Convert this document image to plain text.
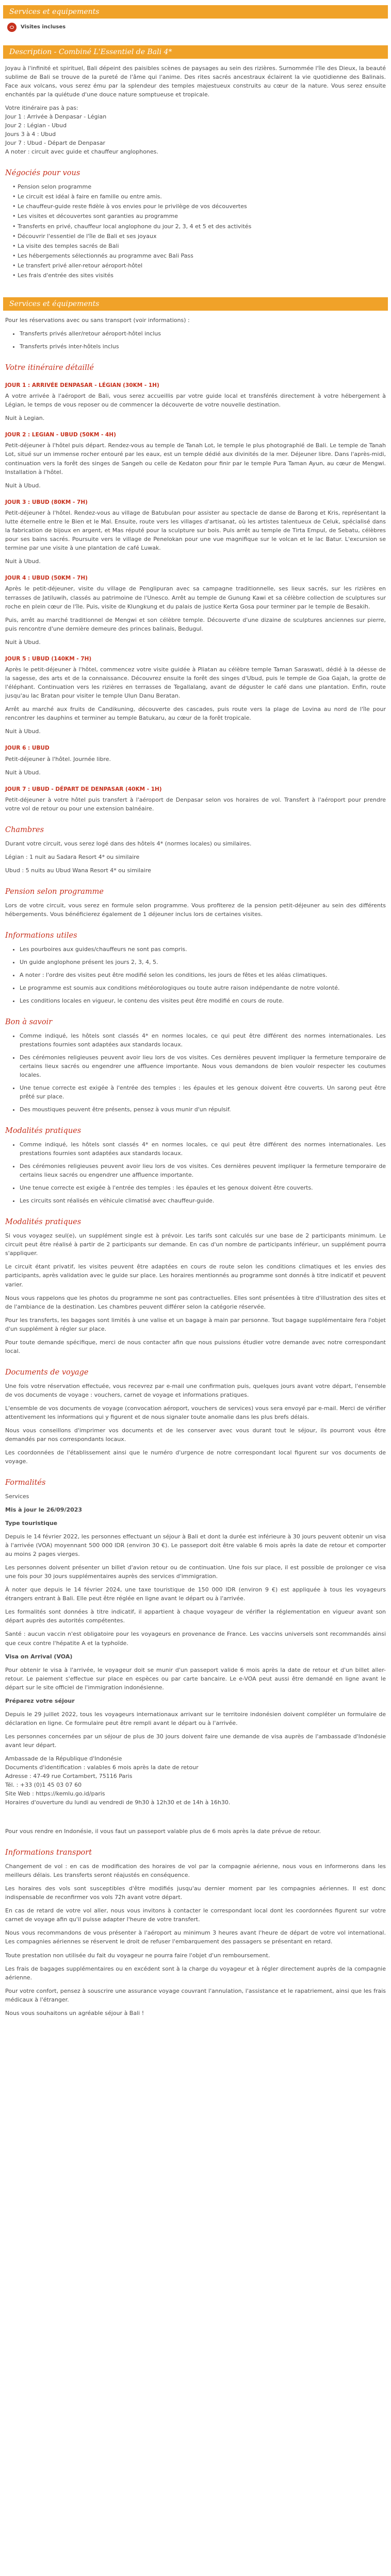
Services et equipements
Visites incluses
Description - Combiné L'Essentiel de Bali 4*

Joyau à l'infinité et spirituel, Bali dépeint des paisibles scènes de paysages au sein des rizières. Surnommée l'île des Dieux, la beauté sublime de Bali se trouve de la pureté de l'âme qui l'anime. Des rites sacrés ancestraux éclairent la vie quotidienne des Balinais. Face aux volcans, vous serez ému par la splendeur des temples majestueux construits au cœur de la nature. Vous serez ensuite enchantés par la quiétude d'une douce nature somptueuse et tropicale.

Votre itinéraire pas à pas:

Jour 1 : Arrivée à Denpasar - Légian

Jour 2 : Légian - Ubud

Jours 3 à 4 : Ubud

Jour 7 : Ubud - Départ de Denpasar

A noter : circuit avec guide et chauffeur anglophones.

Négociés pour vous
• Pension selon programme
• Le circuit est idéal à faire en famille ou entre amis.
• Le chauffeur-guide reste fidèle à vos envies pour le privilège de vos découvertes
• Les visites et découvertes sont garanties au programme
• Transferts en privé, chauffeur local anglophone du jour 2, 3, 4 et 5 et des activités
• Découvrir l'essentiel de l'île de Bali et ses joyaux
• La visite des temples sacrés de Bali
• Les hébergements sélectionnés au programme avec Bali Pass
• Le transfert privé aller-retour aéroport-hôtel
• Les frais d'entrée des sites visités
Services et équipements

Pour les réservations avec ou sans transport (voir informations) :

• Transferts privés aller/retour aéroport-hôtel inclus
• Transferts privés inter-hôtels inclus
Votre itinéraire détaillé
JOUR 1 : ARRIVÉE DENPASAR - LÉGIAN (30KM - 1H)

A votre arrivée à l'aéroport de Bali, vous serez accueillis par votre guide local et transférés directement à votre hébergement à Légian, le temps de vous reposer ou de commencer la découverte de votre nouvelle destination.

Nuit à Legian.

JOUR 2 : LEGIAN - UBUD (50KM - 4H)

Petit-déjeuner à l'hôtel puis départ. Rendez-vous au temple de Tanah Lot, le temple le plus photographié de Bali. Le temple de Tanah Lot, situé sur un immense rocher entouré par les eaux, est un temple dédié aux divinités de la mer. Déjeuner libre. Dans l'après-midi, continuation vers la forêt des singes de Sangeh ou celle de Kedaton pour finir par le temple Pura Taman Ayun, au cœur de Mengwi. Installation à l'hôtel.

Nuit à Ubud.

JOUR 3 : UBUD (80KM - 7H)

Petit-déjeuner à l'hôtel. Rendez-vous au village de Batubulan pour assister au spectacle de danse de Barong et Kris, représentant la lutte éternelle entre le Bien et le Mal. Ensuite, route vers les villages d'artisanat, où les artistes talentueux de Celuk, spécialisé dans la fabrication de bijoux en argent, et Mas réputé pour la sculpture sur bois. Puis arrêt au temple de Tirta Empul, de Sebatu, célèbres pour ses bains sacrés. Poursuite vers le village de Penelokan pour une vue magnifique sur le volcan et le lac Batur. L'excursion se termine par une visite à une plantation de café Luwak.

Nuit à Ubud.

JOUR 4 : UBUD (50KM - 7H)

Après le petit-déjeuner, visite du village de Penglipuran avec sa campagne traditionnelle, ses lieux sacrés, sur les rizières en terrasses de Jatiluwih, classés au patrimoine de l'Unesco. Arrêt au temple de Gunung Kawi et sa célèbre collection de sculptures sur roche en plein cœur de l'île. Puis, visite de Klungkung et du palais de justice Kerta Gosa pour terminer par le temple de Besakih.

Puis, arrêt au marché traditionnel de Mengwi et son célèbre temple. Découverte d'une dizaine de sculptures anciennes sur pierre, puis rencontre d'une dernière demeure des princes balinais, Bedugul.

Nuit à Ubud.

JOUR 5 : UBUD (140KM - 7H)

Après le petit-déjeuner à l'hôtel, commencez votre visite guidée à Pliatan au célèbre temple Taman Saraswati, dédié à la déesse de la sagesse, des arts et de la connaissance. Découvrez ensuite la forêt des singes d'Ubud, puis le temple de Goa Gajah, la grotte de l'éléphant. Continuation vers les rizières en terrasses de Tegallalang, avant de déguster le café dans une plantation. Enfin, route jusqu'au lac Bratan pour visiter le temple Ulun Danu Beratan.

Arrêt au marché aux fruits de Candikuning, découverte des cascades, puis route vers la plage de Lovina au nord de l'île pour rencontrer les dauphins et terminer au temple Batukaru, au cœur de la forêt tropicale.

Nuit à Ubud.

JOUR 6 : UBUD

Petit-déjeuner à l'hôtel. Journée libre.

Nuit à Ubud.

JOUR 7 : UBUD - DÉPART DE DENPASAR (40KM - 1H)

Petit-déjeuner à votre hôtel puis transfert à l'aéroport de Denpasar selon vos horaires de vol. Transfert à l'aéroport pour prendre votre vol de retour ou pour une extension balnéaire.

Chambres

Durant votre circuit, vous serez logé dans des hôtels 4* (normes locales) ou similaires.

Légian : 1 nuit au Sadara Resort 4* ou similaire

Ubud : 5 nuits au Ubud Wana Resort 4* ou similaire

Pension selon programme

Lors de votre circuit, vous serez en formule selon programme. Vous profiterez de la pension petit-déjeuner au sein des différents hébergements. Vous bénéficierez également de 1 déjeuner inclus lors de certaines visites.

Informations utiles
• Les pourboires aux guides/chauffeurs ne sont pas compris.
• Un guide anglophone présent les jours 2, 3, 4, 5.
• A noter : l'ordre des visites peut être modifié selon les conditions, les jours de fêtes et les aléas climatiques.
• Le programme est soumis aux conditions météorologiques ou toute autre raison indépendante de notre volonté.
• Les conditions locales en vigueur, le contenu des visites peut être modifié en cours de route.
Bon à savoir
• Comme indiqué, les hôtels sont classés 4* en normes locales, ce qui peut être différent des normes internationales. Les prestations fournies sont adaptées aux standards locaux.
• Des cérémonies religieuses peuvent avoir lieu lors de vos visites. Ces dernières peuvent impliquer la fermeture temporaire de certains lieux sacrés ou engendrer une affluence importante. Nous vous demandons de bien vouloir respecter les coutumes locales.
• Une tenue correcte est exigée à l'entrée des temples : les épaules et les genoux doivent être couverts. Un sarong peut être prêté sur place.
• Des moustiques peuvent être présents, pensez à vous munir d'un répulsif.
Modalités pratiques
• Comme indiqué, les hôtels sont classés 4* en normes locales, ce qui peut être différent des normes internationales. Les prestations fournies sont adaptées aux standards locaux.
• Des cérémonies religieuses peuvent avoir lieu lors de vos visites. Ces dernières peuvent impliquer la fermeture temporaire de certains lieux sacrés ou engendrer une affluence importante.
• Une tenue correcte est exigée à l'entrée des temples : les épaules et les genoux doivent être couverts.
• Les circuits sont réalisés en véhicule climatisé avec chauffeur-guide.
Modalités pratiques

Si vous voyagez seul(e), un supplément single est à prévoir. Les tarifs sont calculés sur une base de 2 participants minimum. Le circuit peut être réalisé à partir de 2 participants sur demande. En cas d'un nombre de participants inférieur, un supplément pourra s'appliquer.

Le circuit étant privatif, les visites peuvent être adaptées en cours de route selon les conditions climatiques et les envies des participants, après validation avec le guide sur place. Les horaires mentionnés au programme sont donnés à titre indicatif et peuvent varier.

Nous vous rappelons que les photos du programme ne sont pas contractuelles. Elles sont présentées à titre d'illustration des sites et de l'ambiance de la destination. Les chambres peuvent différer selon la catégorie réservée.

Pour les transferts, les bagages sont limités à une valise et un bagage à main par personne. Tout bagage supplémentaire fera l'objet d'un supplément à régler sur place.

Pour toute demande spécifique, merci de nous contacter afin que nous puissions étudier votre demande avec notre correspondant local.

Documents de voyage

Une fois votre réservation effectuée, vous recevrez par e-mail une confirmation puis, quelques jours avant votre départ, l'ensemble de vos documents de voyage : vouchers, carnet de voyage et informations pratiques.

L'ensemble de vos documents de voyage (convocation aéroport, vouchers de services) vous sera envoyé par e-mail. Merci de vérifier attentivement les informations qui y figurent et de nous signaler toute anomalie dans les plus brefs délais.

Nous vous conseillons d'imprimer vos documents et de les conserver avec vous durant tout le séjour, ils pourront vous être demandés par nos correspondants locaux.

Les coordonnées de l'établissement ainsi que le numéro d'urgence de notre correspondant local figurent sur vos documents de voyage.

Formalités

Services

Mis à jour le 26/09/2023

Type touristique

Depuis le 14 février 2022, les personnes effectuant un séjour à Bali et dont la durée est inférieure à 30 jours peuvent obtenir un visa à l'arrivée (VOA) moyennant 500 000 IDR (environ 30 €). Le passeport doit être valable 6 mois après la date de retour et comporter au moins 2 pages vierges.

Les personnes doivent présenter un billet d'avion retour ou de continuation. Une fois sur place, il est possible de prolonger ce visa une fois pour 30 jours supplémentaires auprès des services d'immigration.

À noter que depuis le 14 février 2024, une taxe touristique de 150 000 IDR (environ 9 €) est appliquée à tous les voyageurs étrangers entrant à Bali. Elle peut être réglée en ligne avant le départ ou à l'arrivée.

Les formalités sont données à titre indicatif, il appartient à chaque voyageur de vérifier la réglementation en vigueur avant son départ auprès des autorités compétentes.

Santé : aucun vaccin n'est obligatoire pour les voyageurs en provenance de France. Les vaccins universels sont recommandés ainsi que ceux contre l'hépatite A et la typhoïde.

Visa on Arrival (VOA)

Pour obtenir le visa à l'arrivée, le voyageur doit se munir d'un passeport valide 6 mois après la date de retour et d'un billet aller-retour. Le paiement s'effectue sur place en espèces ou par carte bancaire. Le e-VOA peut aussi être demandé en ligne avant le départ sur le site officiel de l'immigration indonésienne.

Préparez votre séjour

Depuis le 29 juillet 2022, tous les voyageurs internationaux arrivant sur le territoire indonésien doivent compléter un formulaire de déclaration en ligne. Ce formulaire peut être rempli avant le départ ou à l'arrivée.

Les personnes concernées par un séjour de plus de 30 jours doivent faire une demande de visa auprès de l'ambassade d'Indonésie avant leur départ.

Ambassade de la République d'Indonésie

Documents d'identification : valables 6 mois après la date de retour

Adresse : 47-49 rue Cortambert, 75116 Paris

Tél. : +33 (0)1 45 03 07 60

Site Web : https://kemlu.go.id/paris

Horaires d'ouverture du lundi au vendredi de 9h30 à 12h30 et de 14h à 16h30.

Pour vous rendre en Indonésie, il vous faut un passeport valable plus de 6 mois après la date prévue de retour.

Informations transport

Changement de vol : en cas de modification des horaires de vol par la compagnie aérienne, nous vous en informerons dans les meilleurs délais. Les transferts seront réajustés en conséquence.

Les horaires des vols sont susceptibles d'être modifiés jusqu'au dernier moment par les compagnies aériennes. Il est donc indispensable de reconfirmer vos vols 72h avant votre départ.

En cas de retard de votre vol aller, nous vous invitons à contacter le correspondant local dont les coordonnées figurent sur votre carnet de voyage afin qu'il puisse adapter l'heure de votre transfert.

Nous vous recommandons de vous présenter à l'aéroport au minimum 3 heures avant l'heure de départ de votre vol international. Les compagnies aériennes se réservent le droit de refuser l'embarquement des passagers se présentant en retard.

Toute prestation non utilisée du fait du voyageur ne pourra faire l'objet d'un remboursement.

Les frais de bagages supplémentaires ou en excédent sont à la charge du voyageur et à régler directement auprès de la compagnie aérienne.

Pour votre confort, pensez à souscrire une assurance voyage couvrant l'annulation, l'assistance et le rapatriement, ainsi que les frais médicaux à l'étranger.

Nous vous souhaitons un agréable séjour à Bali !
